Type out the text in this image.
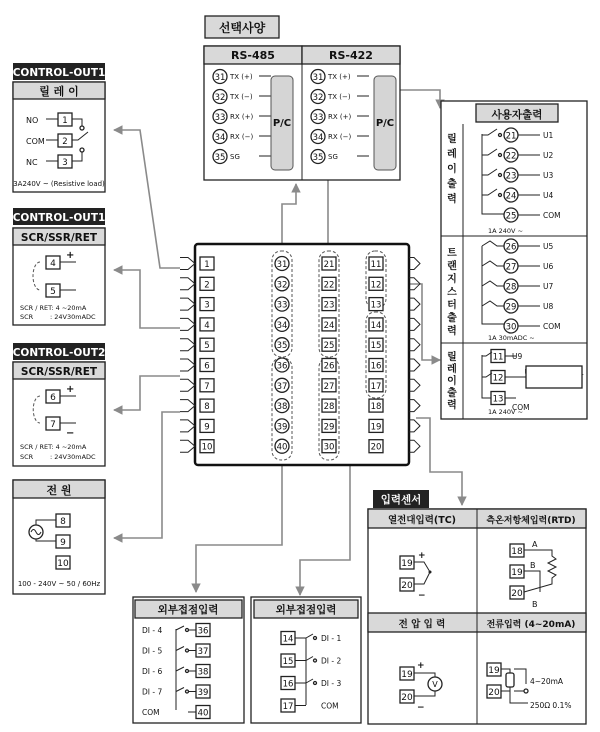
선택사양
RS-485	RS-422
31 TX (+)
32 TX (−)
33 RX (+)
34 RX (−)
35 SG
31 TX (+)
32 TX (−)
33 RX (+)
34 RX (−)
35 SG
P/C	P/C
CONTROL-OUT1
릴 레 이
NO	1
COM 2
NC	3
3A240V ~ (Resistive load)
CONTROL-OUT1
SCR/SSR/RET
4
5
+
SCR / RET: 4 ~20mA
SCR	: 24V30mADC
CONTROL-OUT2
SCR/SSR/RET
6
7
+
−
SCR / RET: 4 ~20mA
SCR	: 24V30mADC
전 원
8
9
10
100 - 240V ~ 50 / 60Hz
1
2
3
4
5
6
7
8
9
10
31
32
33
34
35
36
37
38
39
40
21
22
23
24
25
26
27
28
29
30
11
12
13
14
15
16
17
18
19
20
사용자출력
릴 레 이 출 력
트 랜 지 스 터 출 력
릴 레 이 출 력
21	U1
22	U2
23	U3
24	U4
25	COM
26	U5
27	U6
28	U7
29	U8
30	COM
11 U9
12
13
COM
1A 240V ~
1A 30mADC ~
1A 240V ~
입력센서
열전대입력(TC)	측온저항체입력(RTD)
전 압 입 력	전류입력 (4~20mA)
19
20
+
−
18
19
20
A
B
B
19
20
V
+
−
19
20
4~20mA
250Ω 0.1%
외부접점입력
DI - 4	36
DI - 5	37
DI - 6	38
DI - 7	39
COM	40
외부접점입력
14	DI - 1
15	DI - 2
16	DI - 3
17	COM
